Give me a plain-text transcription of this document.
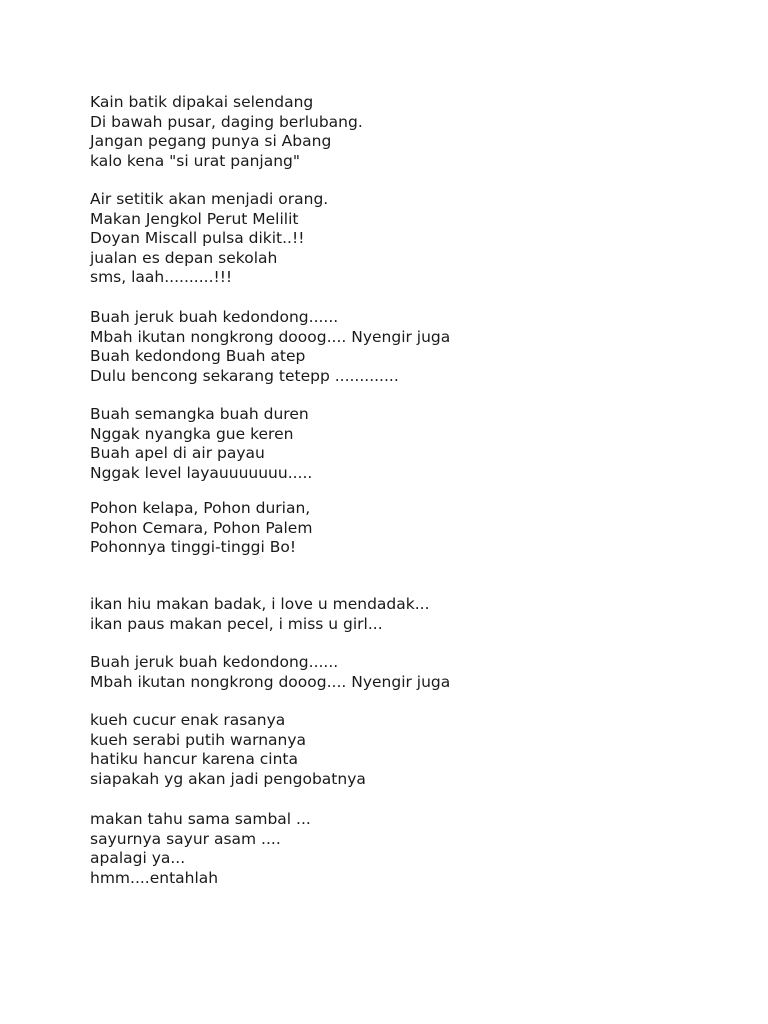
Kain batik dipakai selendang
Di bawah pusar, daging berlubang.
Jangan pegang punya si Abang
kalo kena "si urat panjang"
Air setitik akan menjadi orang.
Makan Jengkol Perut Melilit
Doyan Miscall pulsa dikit..!!
jualan es depan sekolah
sms, laah..........!!!
Buah jeruk buah kedondong......
Mbah ikutan nongkrong dooog.... Nyengir juga
Buah kedondong Buah atep
Dulu bencong sekarang tetepp .............
Buah semangka buah duren
Nggak nyangka gue keren
Buah apel di air payau
Nggak level layauuuuuuu.....
Pohon kelapa, Pohon durian,
Pohon Cemara, Pohon Palem
Pohonnya tinggi-tinggi Bo!
ikan hiu makan badak, i love u mendadak...
ikan paus makan pecel, i miss u girl...
Buah jeruk buah kedondong......
Mbah ikutan nongkrong dooog.... Nyengir juga
kueh cucur enak rasanya
kueh serabi putih warnanya
hatiku hancur karena cinta
siapakah yg akan jadi pengobatnya
makan tahu sama sambal ...
sayurnya sayur asam ....
apalagi ya...
hmm....entahlah
